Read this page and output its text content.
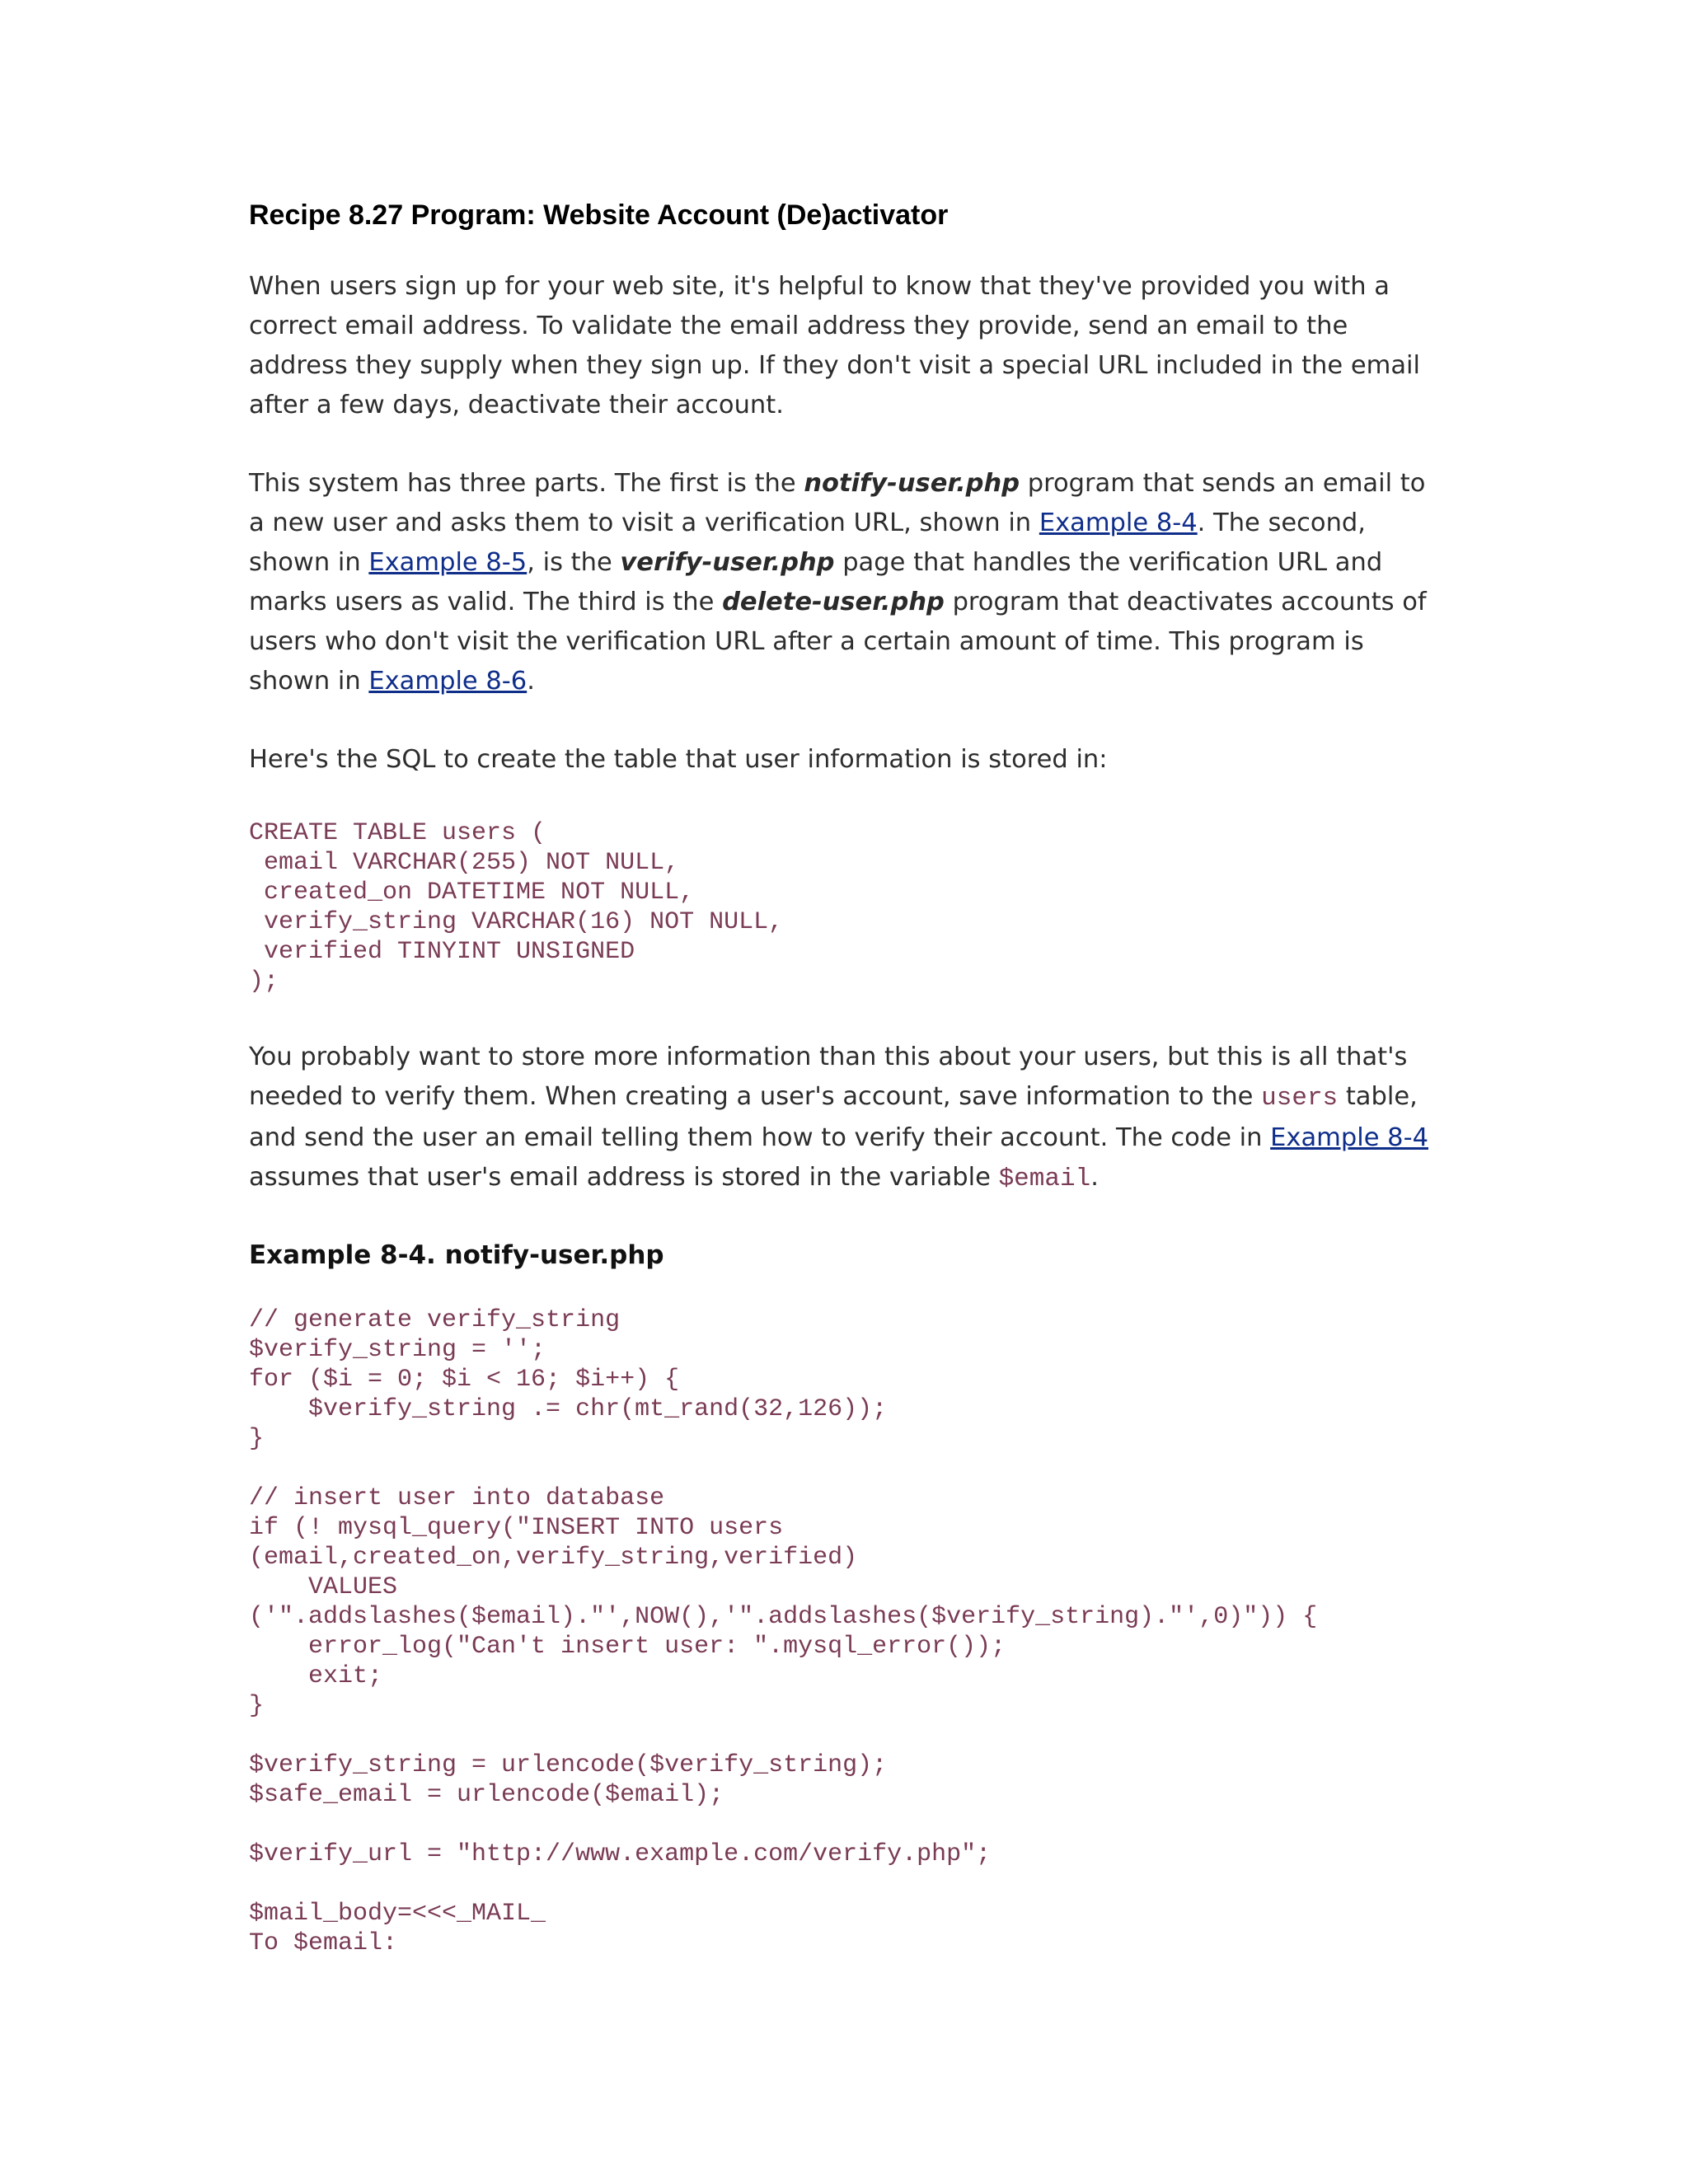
Recipe 8.27 Program: Website Account (De)activator

When users sign up for your web site, it's helpful to know that they've provided you with a correct email address. To validate the email address they provide, send an email to the address they supply when they sign up. If they don't visit a special URL included in the email after a few days, deactivate their account.

This system has three parts. The first is the notify-user.php program that sends an email to a new user and asks them to visit a verification URL, shown in Example 8-4. The second, shown in Example 8-5, is the verify-user.php page that handles the verification URL and marks users as valid. The third is the delete-user.php program that deactivates accounts of users who don't visit the verification URL after a certain amount of time. This program is shown in Example 8-6.

Here's the SQL to create the table that user information is stored in:

CREATE TABLE users (
email VARCHAR(255) NOT NULL,
created_on DATETIME NOT NULL,
verify_string VARCHAR(16) NOT NULL,
verified TINYINT UNSIGNED
);

You probably want to store more information than this about your users, but this is all that's needed to verify them. When creating a user's account, save information to the users table, and send the user an email telling them how to verify their account. The code in Example 8-4 assumes that user's email address is stored in the variable $email.

Example 8-4. notify-user.php
// generate verify_string
$verify_string = '';
for ($i = 0; $i < 16; $i++) {
$verify_string .= chr(mt_rand(32,126));
}

// insert user into database
if (! mysql_query("INSERT INTO users
(email,created_on,verify_string,verified)
VALUES
('".addslashes($email)."',NOW(),'".addslashes($verify_string)."',0)")) {
error_log("Can't insert user: ".mysql_error());
exit;
}

$verify_string = urlencode($verify_string);
$safe_email = urlencode($email);

$verify_url = "http://www.example.com/verify.php";

$mail_body=<<<_MAIL_
To $email:
